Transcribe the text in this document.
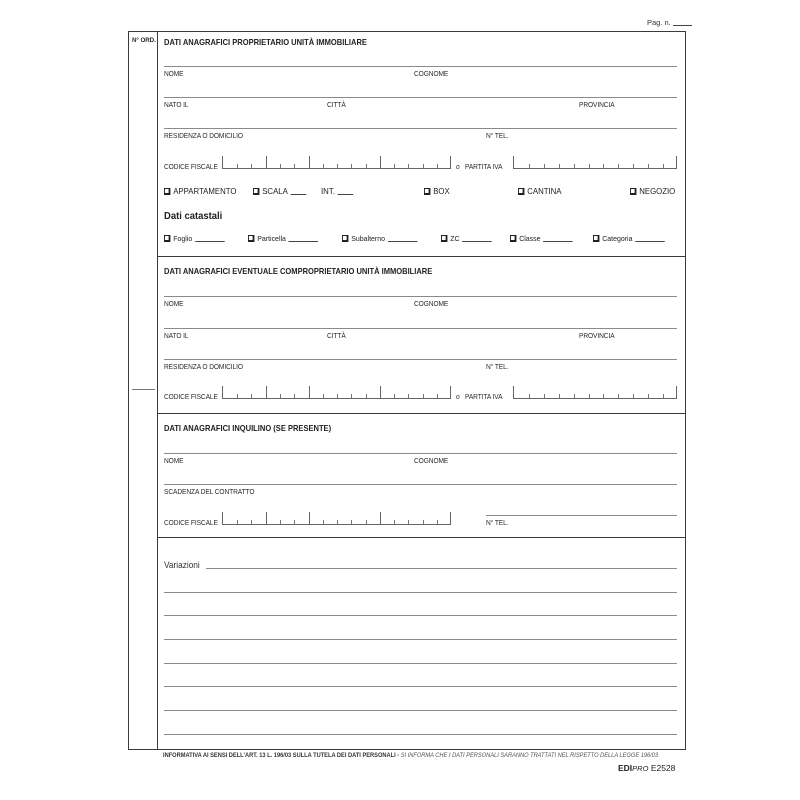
Pag. n.
N° ORD. DATI ANAGRAFICI PROPRIETARIO UNITÀ IMMOBILIARE
NOME	COGNOME
NATO IL	CITTÀ	PROVINCIA
RESIDENZA O DOMICILIO	N° TEL.
CODICE FISCALE	o PARTITA IVA
APPARTAMENTO	SCALA	INT.	BOX	CANTINA	NEGOZIO
Dati catastali
Foglio	Particella	Subalterno	ZC	Classe	Categoria
DATI ANAGRAFICI EVENTUALE COMPROPRIETARIO UNITÀ IMMOBILIARE
NOME	COGNOME
NATO IL	CITTÀ	PROVINCIA
RESIDENZA O DOMICILIO	N° TEL.
CODICE FISCALE	o PARTITA IVA
DATI ANAGRAFICI INQUILINO (SE PRESENTE)
NOME	COGNOME
SCADENZA DEL CONTRATTO
CODICE FISCALE	N° TEL.
Variazioni
INFORMATIVA AI SENSI DELL'ART. 13 L. 196/03 SULLA TUTELA DEI DATI PERSONALI - SI INFORMA CHE I DATI PERSONALI SARANNO TRATTATI NEL RISPETTO DELLA LEGGE 196/03
EDIPRO E2528
